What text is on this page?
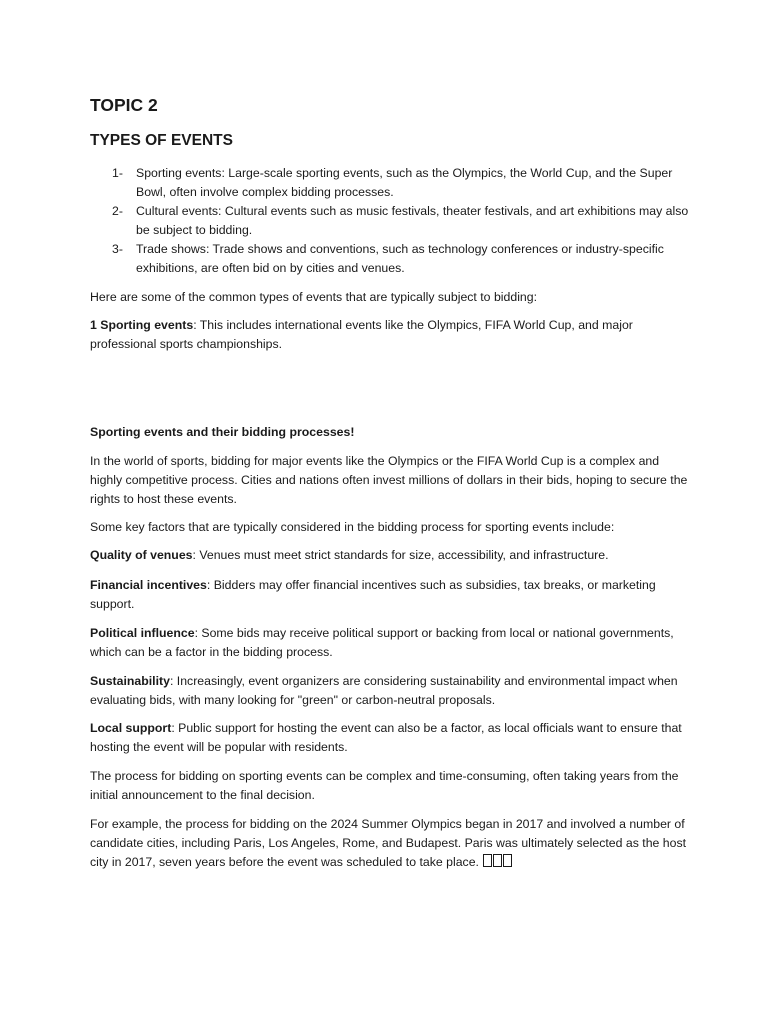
TOPIC 2
TYPES OF EVENTS
1- Sporting events: Large-scale sporting events, such as the Olympics, the World Cup, and the Super Bowl, often involve complex bidding processes.
2- Cultural events: Cultural events such as music festivals, theater festivals, and art exhibitions may also be subject to bidding.
3- Trade shows: Trade shows and conventions, such as technology conferences or industry-specific exhibitions, are often bid on by cities and venues.

Here are some of the common types of events that are typically subject to bidding:

1 Sporting events: This includes international events like the Olympics, FIFA World Cup, and major professional sports championships.

Sporting events and their bidding processes!

In the world of sports, bidding for major events like the Olympics or the FIFA World Cup is a complex and highly competitive process. Cities and nations often invest millions of dollars in their bids, hoping to secure the rights to host these events.

Some key factors that are typically considered in the bidding process for sporting events include:

Quality of venues: Venues must meet strict standards for size, accessibility, and infrastructure.

Financial incentives: Bidders may offer financial incentives such as subsidies, tax breaks, or marketing support.

Political influence: Some bids may receive political support or backing from local or national governments, which can be a factor in the bidding process.

Sustainability: Increasingly, event organizers are considering sustainability and environmental impact when evaluating bids, with many looking for "green" or carbon-neutral proposals.

Local support: Public support for hosting the event can also be a factor, as local officials want to ensure that hosting the event will be popular with residents.

The process for bidding on sporting events can be complex and time-consuming, often taking years from the initial announcement to the final decision.

For example, the process for bidding on the 2024 Summer Olympics began in 2017 and involved a number of candidate cities, including Paris, Los Angeles, Rome, and Budapest. Paris was ultimately selected as the host city in 2017, seven years before the event was scheduled to take place.
